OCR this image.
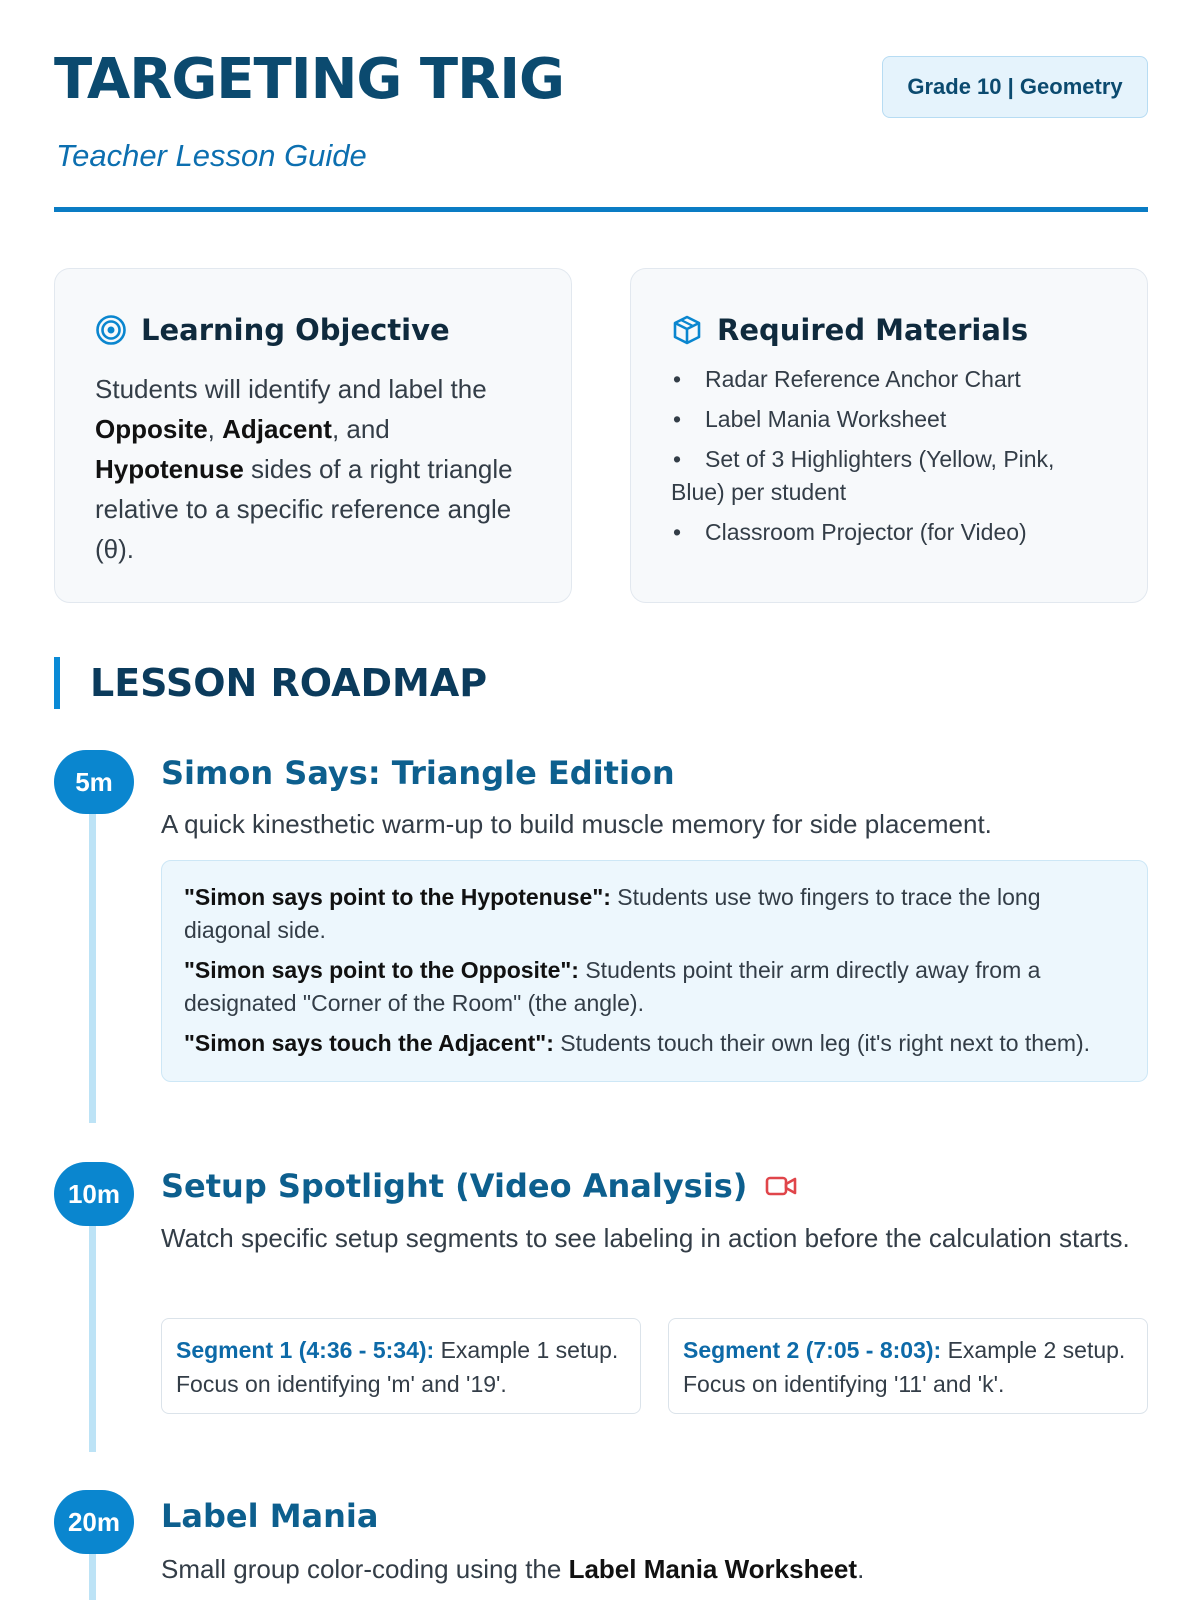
TARGETING TRIG
Teacher Lesson Guide
Grade 10 | Geometry
Learning Objective
Students will identify and label the Opposite, Adjacent, and Hypotenuse sides of a right triangle relative to a specific reference angle (θ).
Required Materials
• Radar Reference Anchor Chart
• Label Mania Worksheet
• Set of 3 Highlighters (Yellow, Pink, Blue) per student
• Classroom Projector (for Video)
LESSON ROADMAP
5m	Simon Says: Triangle Edition
A quick kinesthetic warm-up to build muscle memory for side placement.

"Simon says point to the Hypotenuse": Students use two fingers to trace the long diagonal side.

"Simon says point to the Opposite": Students point their arm directly away from a designated "Corner of the Room" (the angle).

"Simon says touch the Adjacent": Students touch their own leg (it's right next to them).

10m	Setup Spotlight (Video Analysis)
Watch specific setup segments to see labeling in action before the calculation starts.
Segment 1 (4:36 - 5:34): Example 1 setup. Focus on identifying 'm' and '19'.
Segment 2 (7:05 - 8:03): Example 2 setup. Focus on identifying '11' and 'k'.
20m	Label Mania
Small group color-coding using the Label Mania Worksheet.
